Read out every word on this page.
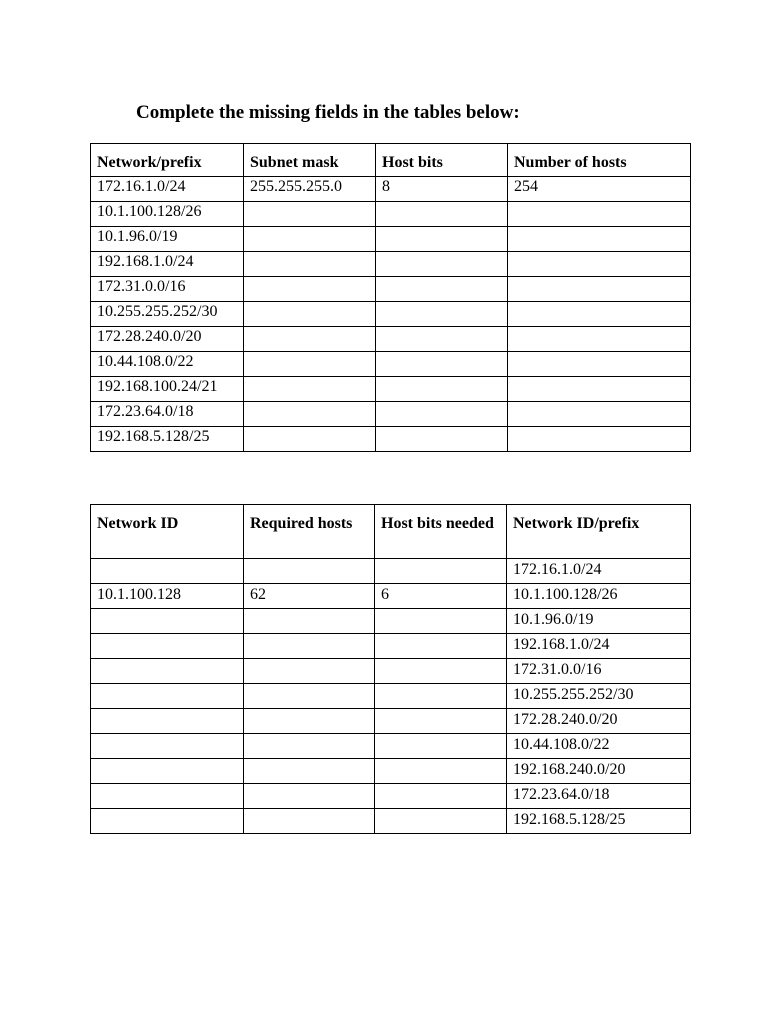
Complete the missing fields in the tables below:
Network/prefix	Subnet mask	Host bits	Number of hosts
172.16.1.0/24	255.255.255.0	8	254
10.1.100.128/26			
10.1.96.0/19			
192.168.1.0/24			
172.31.0.0/16			
10.255.255.252/30			
172.28.240.0/20			
10.44.108.0/22			
192.168.100.24/21			
172.23.64.0/18			
192.168.5.128/25			
Network ID	Required hosts	Host bits needed	Network ID/prefix
			172.16.1.0/24
10.1.100.128	62	6	10.1.100.128/26
			10.1.96.0/19
			192.168.1.0/24
			172.31.0.0/16
			10.255.255.252/30
			172.28.240.0/20
			10.44.108.0/22
			192.168.240.0/20
			172.23.64.0/18
			192.168.5.128/25
